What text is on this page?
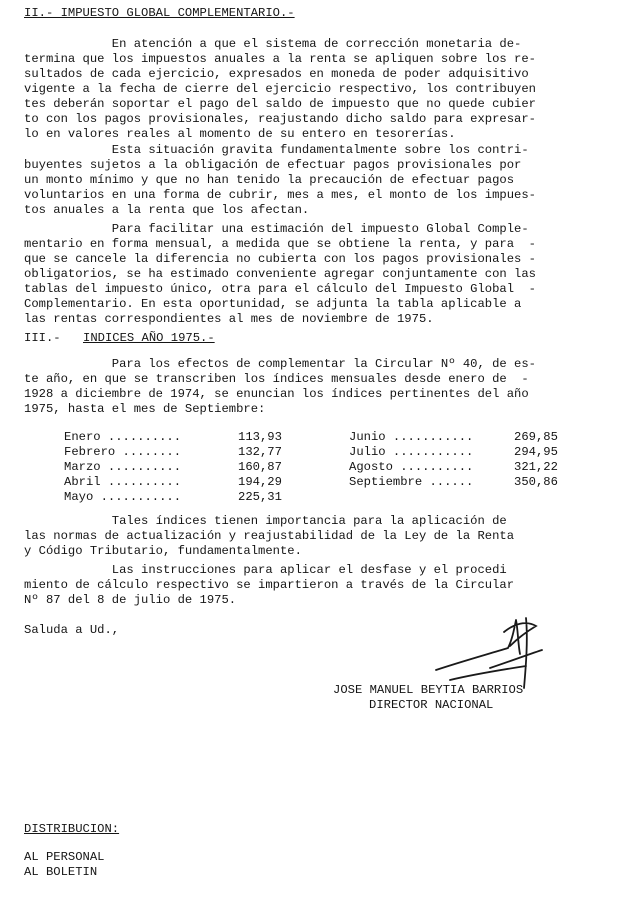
II.- IMPUESTO GLOBAL COMPLEMENTARIO.-
En atención a que el sistema de corrección monetaria de-
termina que los impuestos anuales a la renta se apliquen sobre los re-
sultados de cada ejercicio, expresados en moneda de poder adquisitivo
vigente a la fecha de cierre del ejercicio respectivo, los contribuyen
tes deberán soportar el pago del saldo de impuesto que no quede cubier
to con los pagos provisionales, reajustando dicho saldo para expresar-
lo en valores reales al momento de su entero en tesorerías.
Esta situación gravita fundamentalmente sobre los contri-
buyentes sujetos a la obligación de efectuar pagos provisionales por
un monto mínimo y que no han tenido la precaución de efectuar pagos
voluntarios en una forma de cubrir, mes a mes, el monto de los impues-
tos anuales a la renta que los afectan.
Para facilitar una estimación del impuesto Global Comple-
mentario en forma mensual, a medida que se obtiene la renta, y para  -
que se cancele la diferencia no cubierta con los pagos provisionales -
obligatorios, se ha estimado conveniente agregar conjuntamente con las
tablas del impuesto único, otra para el cálculo del Impuesto Global  -
Complementario. En esta oportunidad, se adjunta la tabla aplicable a
las rentas correspondientes al mes de noviembre de 1975.
III.- INDICES AÑO 1975.-
Para los efectos de complementar la Circular Nº 40, de es-
te año, en que se transcriben los índices mensuales desde enero de  -
1928 a diciembre de 1974, se enuncian los índices pertinentes del año
1975, hasta el mes de Septiembre:
Enero ..........	113,93
Febrero ........	132,77
Marzo ..........	160,87
Abril ..........	194,29
Mayo ...........	225,31
Junio ...........	269,85
Julio ...........	294,95
Agosto ..........	321,22
Septiembre ......	350,86
Tales índices tienen importancia para la aplicación de
las normas de actualización y reajustabilidad de la Ley de la Renta
y Código Tributario, fundamentalmente.
Las instrucciones para aplicar el desfase y el procedi
miento de cálculo respectivo se impartieron a través de la Circular
Nº 87 del 8 de julio de 1975.
Saluda a Ud.,
JOSE MANUEL BEYTIA BARRIOS
DIRECTOR NACIONAL
DISTRIBUCION:
AL PERSONAL
AL BOLETIN
